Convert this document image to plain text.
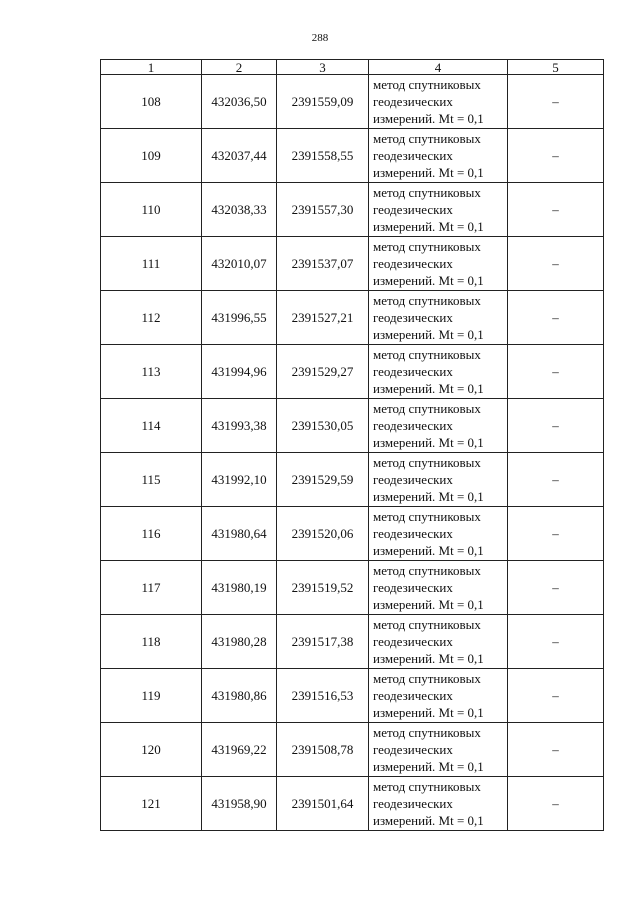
288
1	2	3	4	5
108	432036,50	2391559,09	метод спутниковых
геодезических
измерений. Mt = 0,1	–
109	432037,44	2391558,55	метод спутниковых
геодезических
измерений. Mt = 0,1	–
110	432038,33	2391557,30	метод спутниковых
геодезических
измерений. Mt = 0,1	–
111	432010,07	2391537,07	метод спутниковых
геодезических
измерений. Mt = 0,1	–
112	431996,55	2391527,21	метод спутниковых
геодезических
измерений. Mt = 0,1	–
113	431994,96	2391529,27	метод спутниковых
геодезических
измерений. Mt = 0,1	–
114	431993,38	2391530,05	метод спутниковых
геодезических
измерений. Mt = 0,1	–
115	431992,10	2391529,59	метод спутниковых
геодезических
измерений. Mt = 0,1	–
116	431980,64	2391520,06	метод спутниковых
геодезических
измерений. Mt = 0,1	–
117	431980,19	2391519,52	метод спутниковых
геодезических
измерений. Mt = 0,1	–
118	431980,28	2391517,38	метод спутниковых
геодезических
измерений. Mt = 0,1	–
119	431980,86	2391516,53	метод спутниковых
геодезических
измерений. Mt = 0,1	–
120	431969,22	2391508,78	метод спутниковых
геодезических
измерений. Mt = 0,1	–
121	431958,90	2391501,64	метод спутниковых
геодезических
измерений. Mt = 0,1	–
